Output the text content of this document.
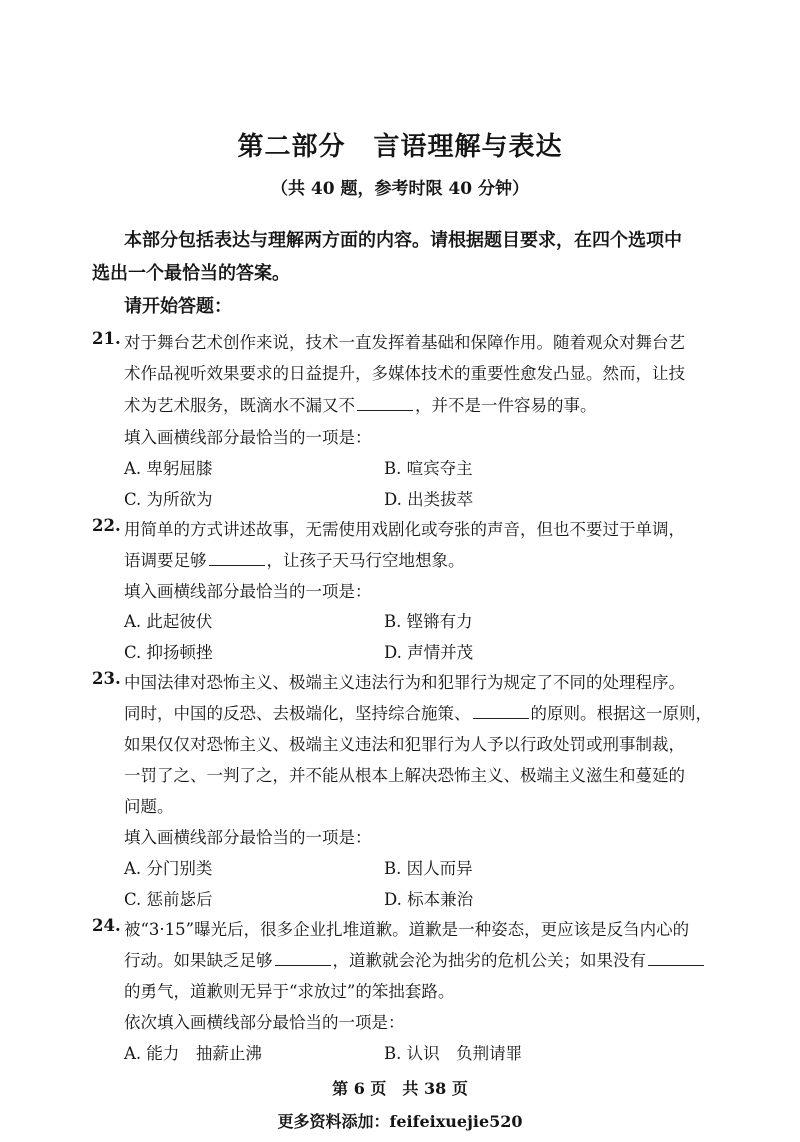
第二部分 言语理解与表达
（共 40 题，参考时限 40 分钟）
本部分包括表达与理解两方面的内容。请根据题目要求，在四个选项中
选出一个最恰当的答案。
请开始答题：
21. 对于舞台艺术创作来说，技术一直发挥着基础和保障作用。随着观众对舞台艺
术作品视听效果要求的日益提升，多媒体技术的重要性愈发凸显。然而，让技
术为艺术服务，既滴水不漏又不	，并不是一件容易的事。
填入画横线部分最恰当的一项是：
A. 卑躬屈膝	B. 喧宾夺主
C. 为所欲为	D. 出类拔萃
22. 用简单的方式讲述故事，无需使用戏剧化或夸张的声音，但也不要过于单调，
语调要足够	，让孩子天马行空地想象。
填入画横线部分最恰当的一项是：
A. 此起彼伏	B. 铿锵有力
C. 抑扬顿挫	D. 声情并茂
23. 中国法律对恐怖主义、极端主义违法行为和犯罪行为规定了不同的处理程序。
同时，中国的反恐、去极端化，坚持综合施策、	的原则。根据这一原则，
如果仅仅对恐怖主义、极端主义违法和犯罪行为人予以行政处罚或刑事制裁，
一罚了之、一判了之，并不能从根本上解决恐怖主义、极端主义滋生和蔓延的
问题。
填入画横线部分最恰当的一项是：
A. 分门别类	B. 因人而异
C. 惩前毖后	D. 标本兼治
24. 被“3·15”曝光后，很多企业扎堆道歉。道歉是一种姿态，更应该是反刍内心的
行动。如果缺乏足够	，道歉就会沦为拙劣的危机公关；如果没有
的勇气，道歉则无异于“求放过”的笨拙套路。
依次填入画横线部分最恰当的一项是：
A. 能力　抽薪止沸	B. 认识　负荆请罪
第 6 页　共 38 页
更多资料添加：feifeixuejie520
